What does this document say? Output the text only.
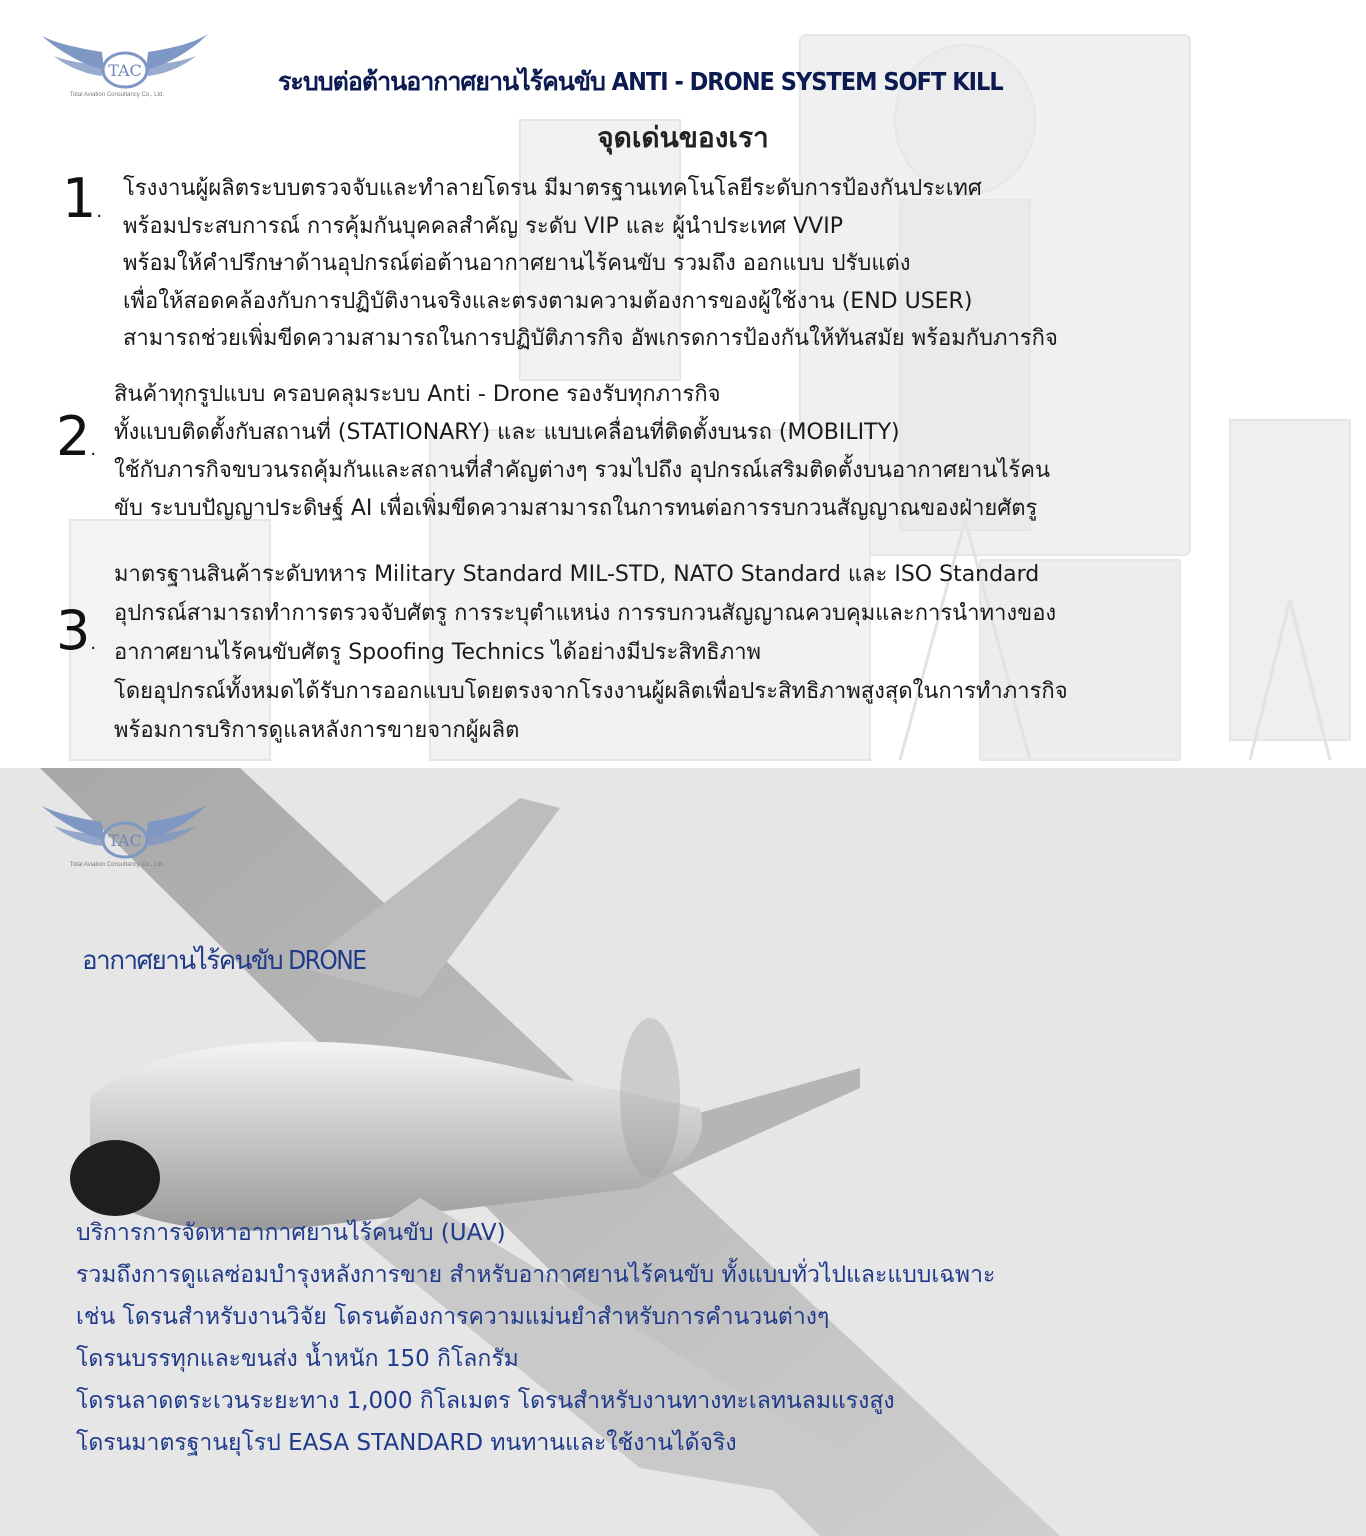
TAC
Total Aviation Consultancy Co., Ltd.	ระบบต่อต้านอากาศยานไร้คนขับ ANTI - DRONE SYSTEM SOFT KILL
จุดเด่นของเรา
1.
โรงงานผู้ผลิตระบบตรวจจับและทำลายโดรน มีมาตรฐานเทคโนโลยีระดับการป้องกันประเทศ
พร้อมประสบการณ์ การคุ้มกันบุคคลสำคัญ ระดับ VIP และ ผู้นำประเทศ VVIP
พร้อมให้คำปรึกษาด้านอุปกรณ์ต่อต้านอากาศยานไร้คนขับ รวมถึง ออกแบบ ปรับแต่ง
เพื่อให้สอดคล้องกับการปฏิบัติงานจริงและตรงตามความต้องการของผู้ใช้งาน (END USER)
สามารถช่วยเพิ่มขีดความสามารถในการปฏิบัติภารกิจ อัพเกรดการป้องกันให้ทันสมัย พร้อมกับภารกิจ
2.
สินค้าทุกรูปแบบ ครอบคลุมระบบ Anti - Drone รองรับทุกภารกิจ
ทั้งแบบติดตั้งกับสถานที่ (STATIONARY) และ แบบเคลื่อนที่ติดตั้งบนรถ (MOBILITY)
ใช้กับภารกิจขบวนรถคุ้มกันและสถานที่สำคัญต่างๆ รวมไปถึง อุปกรณ์เสริมติดตั้งบนอากาศยานไร้คน
ขับ ระบบปัญญาประดิษฐ์ AI เพื่อเพิ่มขีดความสามารถในการทนต่อการรบกวนสัญญาณของฝ่ายศัตรู
3.
มาตรฐานสินค้าระดับทหาร Military Standard MIL-STD, NATO Standard และ ISO Standard
อุปกรณ์สามารถทำการตรวจจับศัตรู การระบุตำแหน่ง การรบกวนสัญญาณควบคุมและการนำทางของ
อากาศยานไร้คนขับศัตรู Spoofing Technics ได้อย่างมีประสิทธิภาพ
โดยอุปกรณ์ทั้งหมดได้รับการออกแบบโดยตรงจากโรงงานผู้ผลิตเพื่อประสิทธิภาพสูงสุดในการทำภารกิจ
พร้อมการบริการดูแลหลังการขายจากผู้ผลิต
TAC
Total Aviation Consultancy Co., Ltd.
อากาศยานไร้คนขับ DRONE
บริการการจัดหาอากาศยานไร้คนขับ (UAV)
รวมถึงการดูแลซ่อมบำรุงหลังการขาย สำหรับอากาศยานไร้คนขับ ทั้งแบบทั่วไปและแบบเฉพาะ
เช่น โดรนสำหรับงานวิจัย โดรนต้องการความแม่นยำสำหรับการคำนวนต่างๆ
โดรนบรรทุกและขนส่ง น้ำหนัก 150 กิโลกรัม
โดรนลาดตระเวนระยะทาง 1,000 กิโลเมตร โดรนสำหรับงานทางทะเลทนลมแรงสูง
โดรนมาตรฐานยุโรป EASA STANDARD ทนทานและใช้งานได้จริง
